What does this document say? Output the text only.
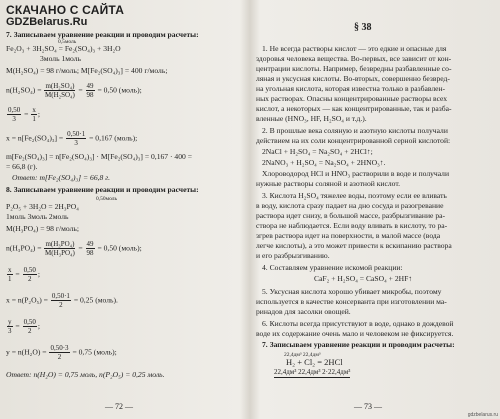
СКАЧАНО С САЙТА
GDZBelarus.Ru
7. Записываем уравнение реакции и проводим расчеты:
0,5моль
Fe₂O₃ + 3H₂SO₄ = Fe₂(SO₄)₃ + 3H₂O
3моль 1моль
M(H₂SO₄) = 98 г/моль; M[Fe₂(SO₄)₃] = 400 г/моль;
$n(H_2SO_4) = \frac{\text{m(H₂SO₄)}}{\text{M(H₂SO₄)}} = \frac{49}{98} = 0,50$ (моль);
$\frac{0,50}{3} = \frac{x}{1}$ ;
$x = n[Fe_2(SO_4)_3] = \frac{0,50\cdot 1}{3} = 0,167$ (моль);
m[Fe₂(SO₄)₃] = n[Fe₂(SO₄)₃] · M[Fe₂(SO₄)₃] = 0,167 · 400 =
= 66,8 (г).
Ответ: m[Fe₂(SO₄)₃] = 66,8 г.
8. Записываем уравнение реакции и проводим расчеты:
0,50моль
P₂O₅ + 3H₂O = 2H₃PO₄
1моль 3моль 2моль
M(H₃PO₄) = 98 г/моль;
$n(H_3PO_4) = \frac{\text{m(H₃PO₄)}}{\text{M(H₃PO₄)}} = \frac{49}{98} = 0,50$ (моль);
$\frac{x}{1} = \frac{0,50}{2}$ ;
$x = n(P_2O_5) = \frac{0,50\cdot 1}{2} = 0,25$ (моль).
$\frac{y}{3} = \frac{0,50}{2}$ ;
$y = n(H_2O) = \frac{0,50\cdot 3}{2} = 0,75$ (моль);
Ответ: n(H₂O) = 0,75 моль, n(P₂O₅) = 0,25 моль.
— 72 —
§ 38
1. Не всегда растворы кислот — это едкие и опасные для
здоровья человека вещества. Во-первых, все зависит от кон-
центрации кислоты. Например, безвредны разбавленные со-
ляная и уксусная кислоты. Во-вторых, совершенно безвред-
на угольная кислота, которая известна только в разбавлен-
ных растворах. Опасны концентрированные растворы всех
кислот, а некоторых — как концентрированные, так и разба-
вленные (HNO₃, HF, H₂SO₄ и т.д.).
2. В прошлые века соляную и азотную кислоты получали
действием на их соли концентрированной серной кислотой:
2NaCl + H₂SO₄ = Na₂SO₄ + 2HCl↑;
2NaNO₃ + H₂SO₄ = Na₂SO₄ + 2HNO₃↑.
Хлороводород HCl и HNO₃ растворили в воде и получали
нужные растворы соляной и азотной кислот.
3. Кислота H₂SO₄ тяжелее воды, поэтому если ее вливать
в воду, кислота сразу падает на дно сосуда и разогревание
раствора идет снизу, в большой массе, разбрызгивание ра-
створа не наблюдается. Если воду вливать в кислоту, то ра-
згрев раствора идет на поверхности, в малой массе (вода
легче кислоты), а это может привести к вскипанию раствора
и его разбрызгиванию.
4. Составляем уравнение искомой реакции:
CaF₂ + H₂SO₄ = CaSO₄ + 2HF↑
5. Уксусная кислота хорошо убивает микробы, поэтому
используется в качестве консерванта при изготовлении ма-
ринадов для засолки овощей.
6. Кислоты всегда присутствуют в воде, однако в дождевой
воде их содержание очень мало и человеком не фиксируется.
7. Записываем уравнение реакции и проводим расчеты:
22,4дм³ 22,4дм³
H₂ + Cl₂ = 2HCl
22,4дм³ 22,4дм³ 2·22,4дм³
— 73 —
gdzbelarus.ru
